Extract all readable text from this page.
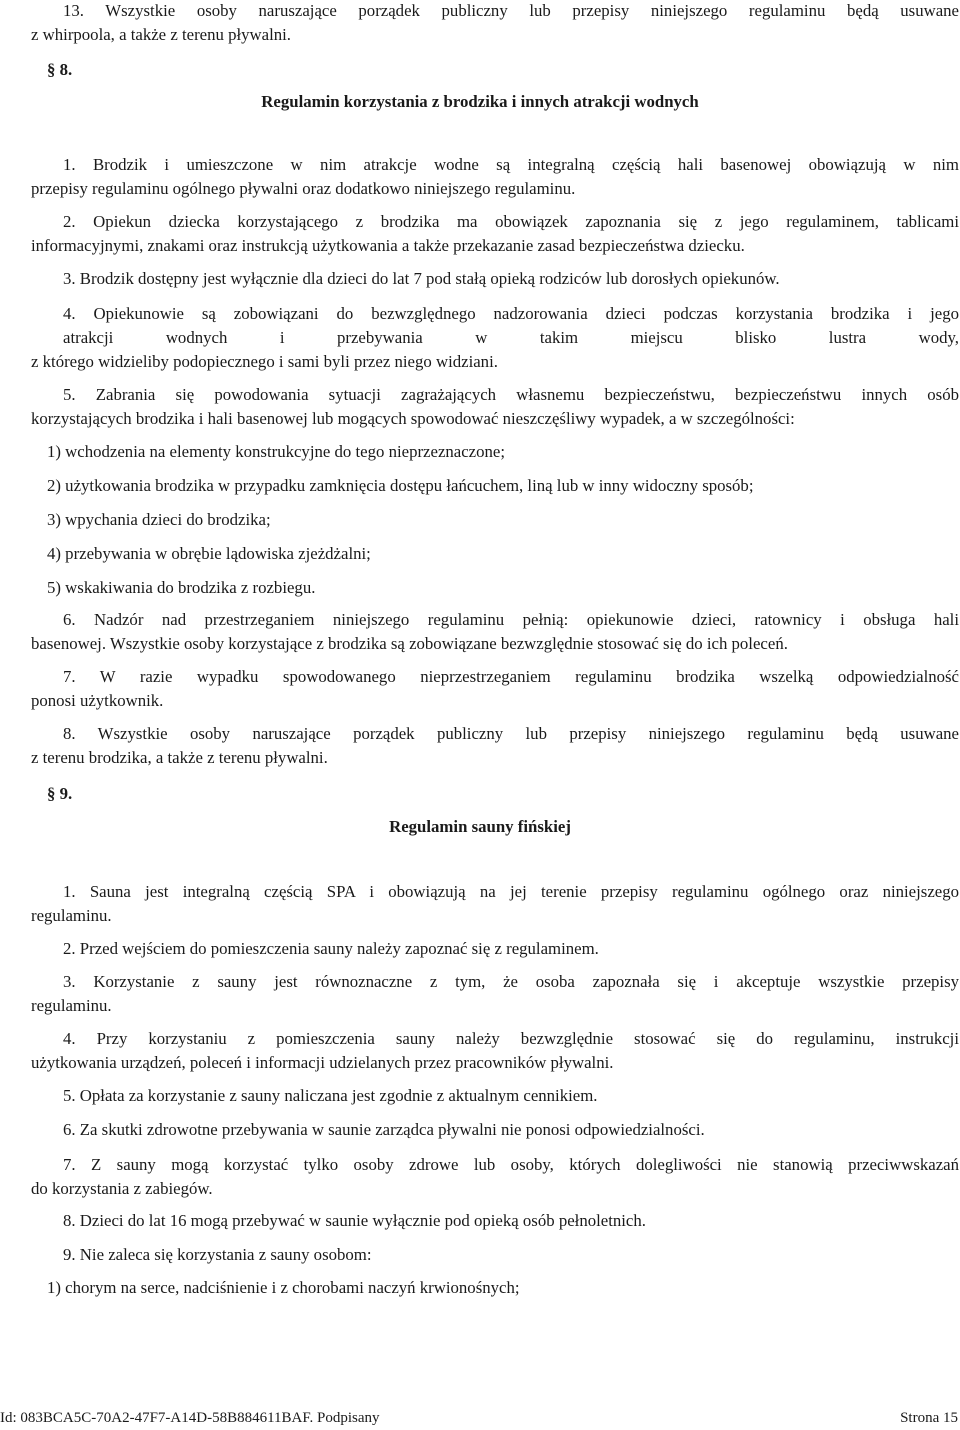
13. Wszystkie osoby naruszające porządek publiczny lub przepisy niniejszego regulaminu będą usuwane
z whirpoola, a także z terenu pływalni.

§ 8.

Regulamin korzystania z brodzika i innych atrakcji wodnych

1. Brodzik i umieszczone w nim atrakcje wodne są integralną częścią hali basenowej obowiązują w nim
przepisy regulaminu ogólnego pływalni oraz dodatkowo niniejszego regulaminu.

2. Opiekun dziecka korzystającego z brodzika ma obowiązek zapoznania się z jego regulaminem, tablicami
informacyjnymi, znakami oraz instrukcją użytkowania a także przekazanie zasad bezpieczeństwa dziecku.

3. Brodzik dostępny jest wyłącznie dla dzieci do lat 7 pod stałą opieką rodziców lub dorosłych opiekunów.

4. Opiekunowie są zobowiązani do bezwzględnego nadzorowania dzieci podczas korzystania brodzika i jego
atrakcji wodnych i przebywania w takim miejscu blisko lustra wody,
z którego widzieliby podopiecznego i sami byli przez niego widziani.

5. Zabrania się powodowania sytuacji zagrażających własnemu bezpieczeństwu, bezpieczeństwu innych osób
korzystających brodzika i hali basenowej lub mogących spowodować nieszczęśliwy wypadek, a w szczególności:

1) wchodzenia na elementy konstrukcyjne do tego nieprzeznaczone;

2) użytkowania brodzika w przypadku zamknięcia dostępu łańcuchem, liną lub w inny widoczny sposób;

3) wpychania dzieci do brodzika;

4) przebywania w obrębie lądowiska zjeżdżalni;

5) wskakiwania do brodzika z rozbiegu.

6. Nadzór nad przestrzeganiem niniejszego regulaminu pełnią: opiekunowie dzieci, ratownicy i obsługa hali
basenowej. Wszystkie osoby korzystające z brodzika są zobowiązane bezwzględnie stosować się do ich poleceń.

7. W razie wypadku spowodowanego nieprzestrzeganiem regulaminu brodzika wszelką odpowiedzialność
ponosi użytkownik.

8. Wszystkie osoby naruszające porządek publiczny lub przepisy niniejszego regulaminu będą usuwane
z terenu brodzika, a także z terenu pływalni.

§ 9.

Regulamin sauny fińskiej

1. Sauna jest integralną częścią SPA i obowiązują na jej terenie przepisy regulaminu ogólnego oraz niniejszego
regulaminu.

2. Przed wejściem do pomieszczenia sauny należy zapoznać się z regulaminem.

3. Korzystanie z sauny jest równoznaczne z tym, że osoba zapoznała się i akceptuje wszystkie przepisy
regulaminu.

4. Przy korzystaniu z pomieszczenia sauny należy bezwzględnie stosować się do regulaminu, instrukcji
użytkowania urządzeń, poleceń i informacji udzielanych przez pracowników pływalni.

5. Opłata za korzystanie z sauny naliczana jest zgodnie z aktualnym cennikiem.

6. Za skutki zdrowotne przebywania w saunie zarządca pływalni nie ponosi odpowiedzialności.

7. Z sauny mogą korzystać tylko osoby zdrowe lub osoby, których dolegliwości nie stanowią przeciwwskazań
do korzystania z zabiegów.

8. Dzieci do lat 16 mogą przebywać w saunie wyłącznie pod opieką osób pełnoletnich.

9. Nie zaleca się korzystania z sauny osobom:

1) chorym na serce, nadciśnienie i z chorobami naczyń krwionośnych;

Id: 083BCA5C-70A2-47F7-A14D-58B884611BAF. Podpisany	Strona 15
